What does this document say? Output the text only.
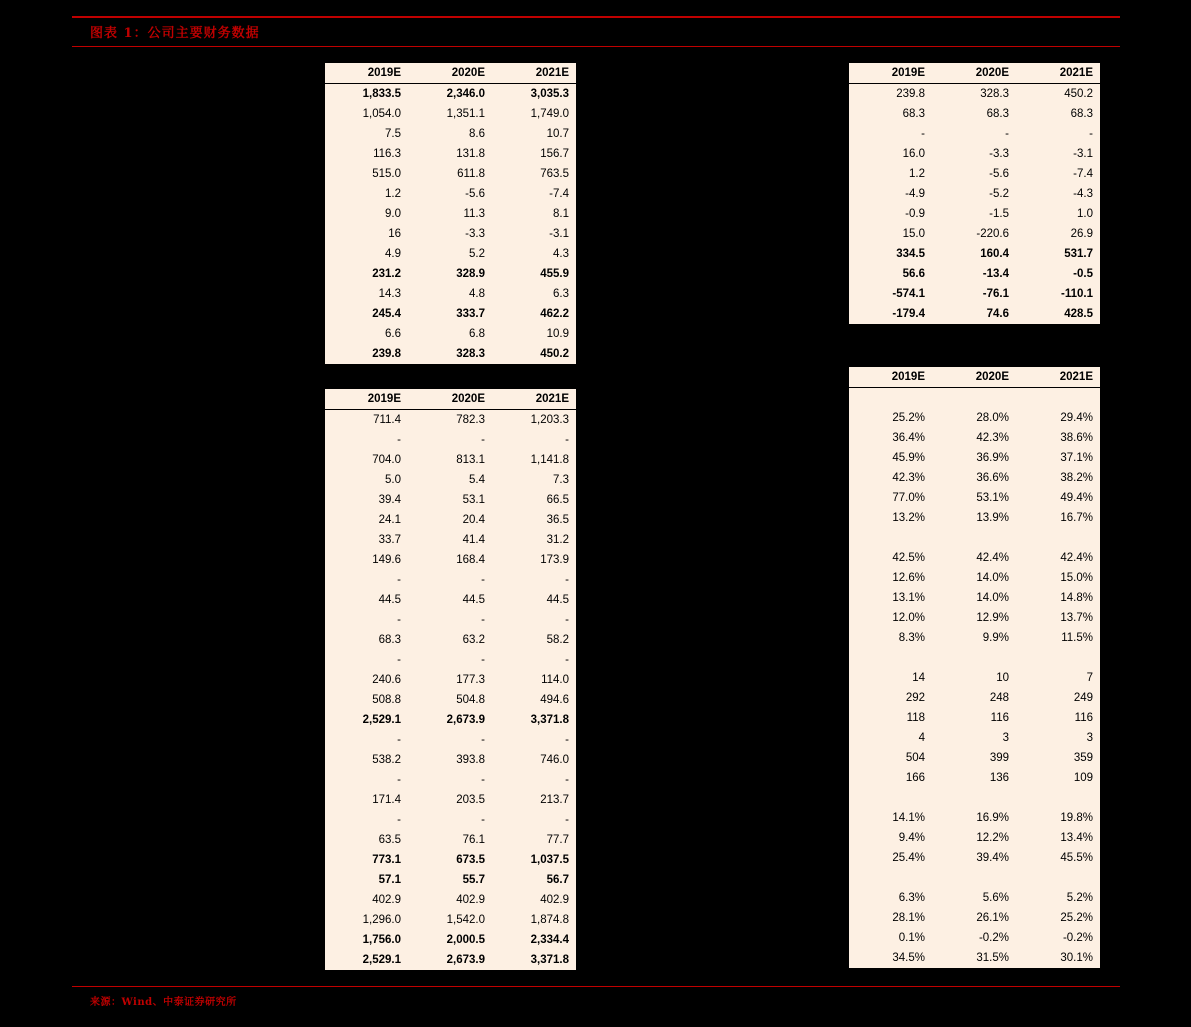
图表 1：公司主要财务数据
2019E	2020E	2021E
1,833.5	2,346.0	3,035.3
1,054.0	1,351.1	1,749.0
7.5	8.6	10.7
116.3	131.8	156.7
515.0	611.8	763.5
1.2	-5.6	-7.4
9.0	11.3	8.1
16	-3.3	-3.1
4.9	5.2	4.3
231.2	328.9	455.9
14.3	4.8	6.3
245.4	333.7	462.2
6.6	6.8	10.9
239.8	328.3	450.2
2019E	2020E	2021E
711.4	782.3	1,203.3
-	-	-
704.0	813.1	1,141.8
5.0	5.4	7.3
39.4	53.1	66.5
24.1	20.4	36.5
33.7	41.4	31.2
149.6	168.4	173.9
-	-	-
44.5	44.5	44.5
-	-	-
68.3	63.2	58.2
-	-	-
240.6	177.3	114.0
508.8	504.8	494.6
2,529.1	2,673.9	3,371.8
-	-	-
538.2	393.8	746.0
-	-	-
171.4	203.5	213.7
-	-	-
63.5	76.1	77.7
773.1	673.5	1,037.5
57.1	55.7	56.7
402.9	402.9	402.9
1,296.0	1,542.0	1,874.8
1,756.0	2,000.5	2,334.4
2,529.1	2,673.9	3,371.8
2019E	2020E	2021E
239.8	328.3	450.2
68.3	68.3	68.3
-	-	-
16.0	-3.3	-3.1
1.2	-5.6	-7.4
-4.9	-5.2	-4.3
-0.9	-1.5	1.0
15.0	-220.6	26.9
334.5	160.4	531.7
56.6	-13.4	-0.5
-574.1	-76.1	-110.1
-179.4	74.6	428.5
2019E	2020E	2021E

25.2%	28.0%	29.4%
36.4%	42.3%	38.6%
45.9%	36.9%	37.1%
42.3%	36.6%	38.2%
77.0%	53.1%	49.4%
13.2%	13.9%	16.7%

42.5%	42.4%	42.4%
12.6%	14.0%	15.0%
13.1%	14.0%	14.8%
12.0%	12.9%	13.7%
8.3%	9.9%	11.5%

14	10	7
292	248	249
118	116	116
4	3	3
504	399	359
166	136	109

14.1%	16.9%	19.8%
9.4%	12.2%	13.4%
25.4%	39.4%	45.5%

6.3%	5.6%	5.2%
28.1%	26.1%	25.2%
0.1%	-0.2%	-0.2%
34.5%	31.5%	30.1%
来源：Wind、中泰证券研究所
